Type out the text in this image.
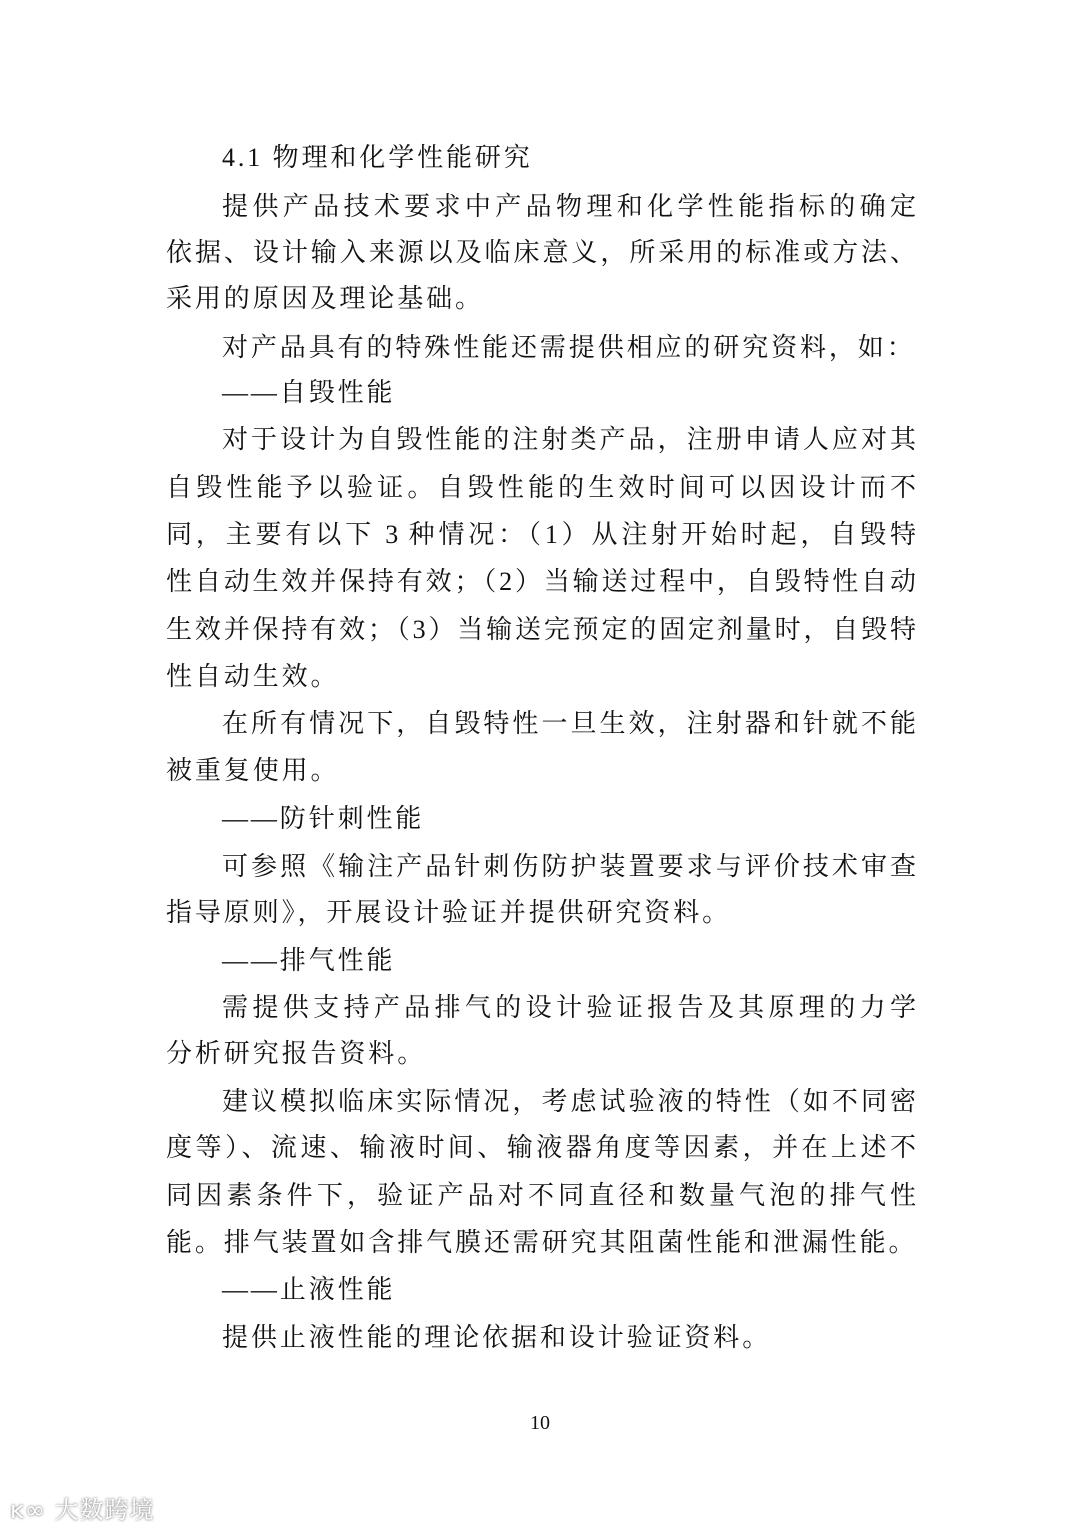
4.1 物理和化学性能研究
提供产品技术要求中产品物理和化学性能指标的确定
依据、设计输入来源以及临床意义，所采用的标准或方法、
采用的原因及理论基础。
对产品具有的特殊性能还需提供相应的研究资料，如：
——自毁性能
对于设计为自毁性能的注射类产品，注册申请人应对其
自毁性能予以验证。自毁性能的生效时间可以因设计而不
同，主要有以下 3 种情况：（1）从注射开始时起，自毁特
性自动生效并保持有效；（2）当输送过程中，自毁特性自动
生效并保持有效；（3）当输送完预定的固定剂量时，自毁特
性自动生效。
在所有情况下，自毁特性一旦生效，注射器和针就不能
被重复使用。
——防针刺性能
可参照《输注产品针刺伤防护装置要求与评价技术审查
指导原则》，开展设计验证并提供研究资料。
——排气性能
需提供支持产品排气的设计验证报告及其原理的力学
分析研究报告资料。
建议模拟临床实际情况，考虑试验液的特性（如不同密
度等）、流速、输液时间、输液器角度等因素，并在上述不
同因素条件下，验证产品对不同直径和数量气泡的排气性
能。排气装置如含排气膜还需研究其阻菌性能和泄漏性能。
——止液性能
提供止液性能的理论依据和设计验证资料。
10
ᴋ∞ 大数跨境
